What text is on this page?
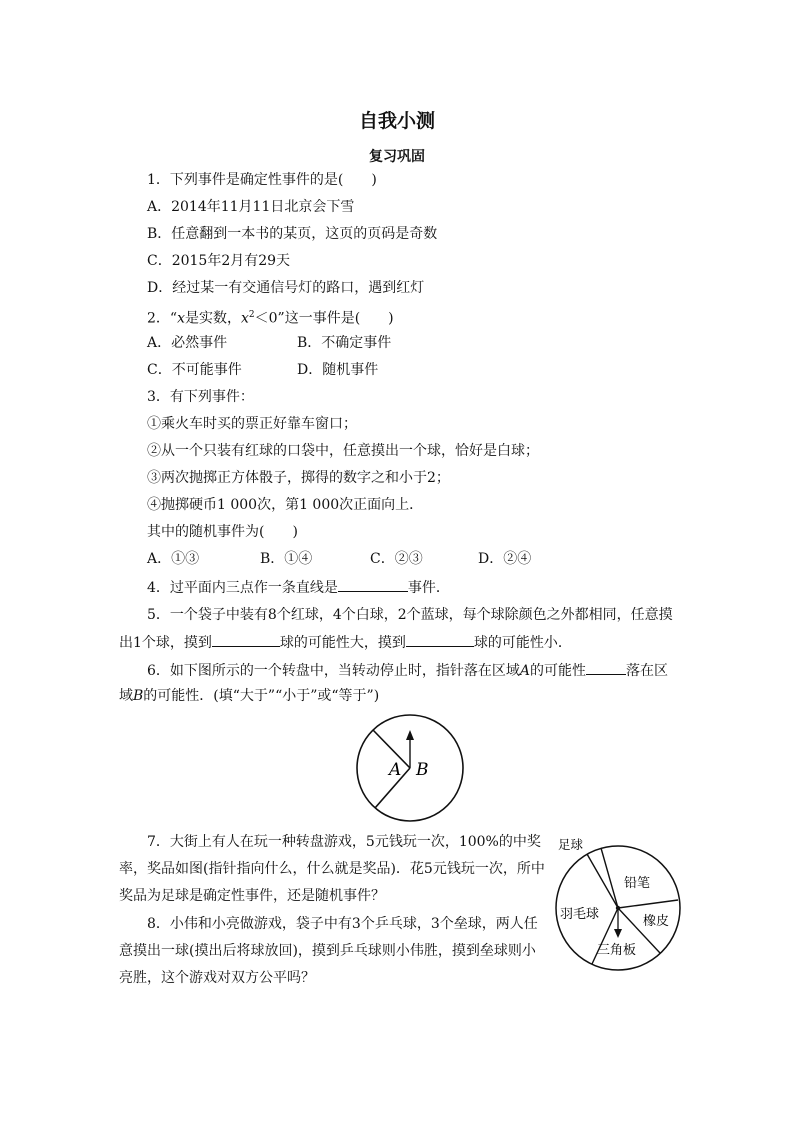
自我小测
复习巩固
1．下列事件是确定性事件的是(　　)
A．2014年11月11日北京会下雪
B．任意翻到一本书的某页，这页的页码是奇数
C．2015年2月有29天
D．经过某一有交通信号灯的路口，遇到红灯
2．“x是实数，$x^2<0$”这一事件是(　　)
A．必然事件	B．不确定事件
C．不可能事件	D．随机事件
3．有下列事件：
①乘火车时买的票正好靠车窗口；
②从一个只装有红球的口袋中，任意摸出一个球，恰好是白球；
③两次抛掷正方体骰子，掷得的数字之和小于2；
④抛掷硬币1 000次，第1 000次正面向上．
其中的随机事件为(　　)
A．①③	B．①④	C．②③	D．②④
4．过平面内三点作一条直线是	事件．
5．一个袋子中装有8个红球，4个白球，2个蓝球，每个球除颜色之外都相同，任意摸
出1个球，摸到	球的可能性大，摸到	球的可能性小．
6．如下图所示的一个转盘中，当转动停止时，指针落在区域A的可能性	落在区
域B的可能性．(填“大于”“小于”或“等于”)
A B
7．大街上有人在玩一种转盘游戏，5元钱玩一次，100%的中奖
率，奖品如图(指针指向什么，什么就是奖品)．花5元钱玩一次，所中
奖品为足球是确定性事件，还是随机事件？
8．小伟和小亮做游戏，袋子中有3个乒乓球，3个垒球，两人任
意摸出一球(摸出后将球放回)，摸到乒乓球则小伟胜，摸到垒球则小
亮胜，这个游戏对双方公平吗？
足球
铅笔
羽毛球	橡皮
三角板
